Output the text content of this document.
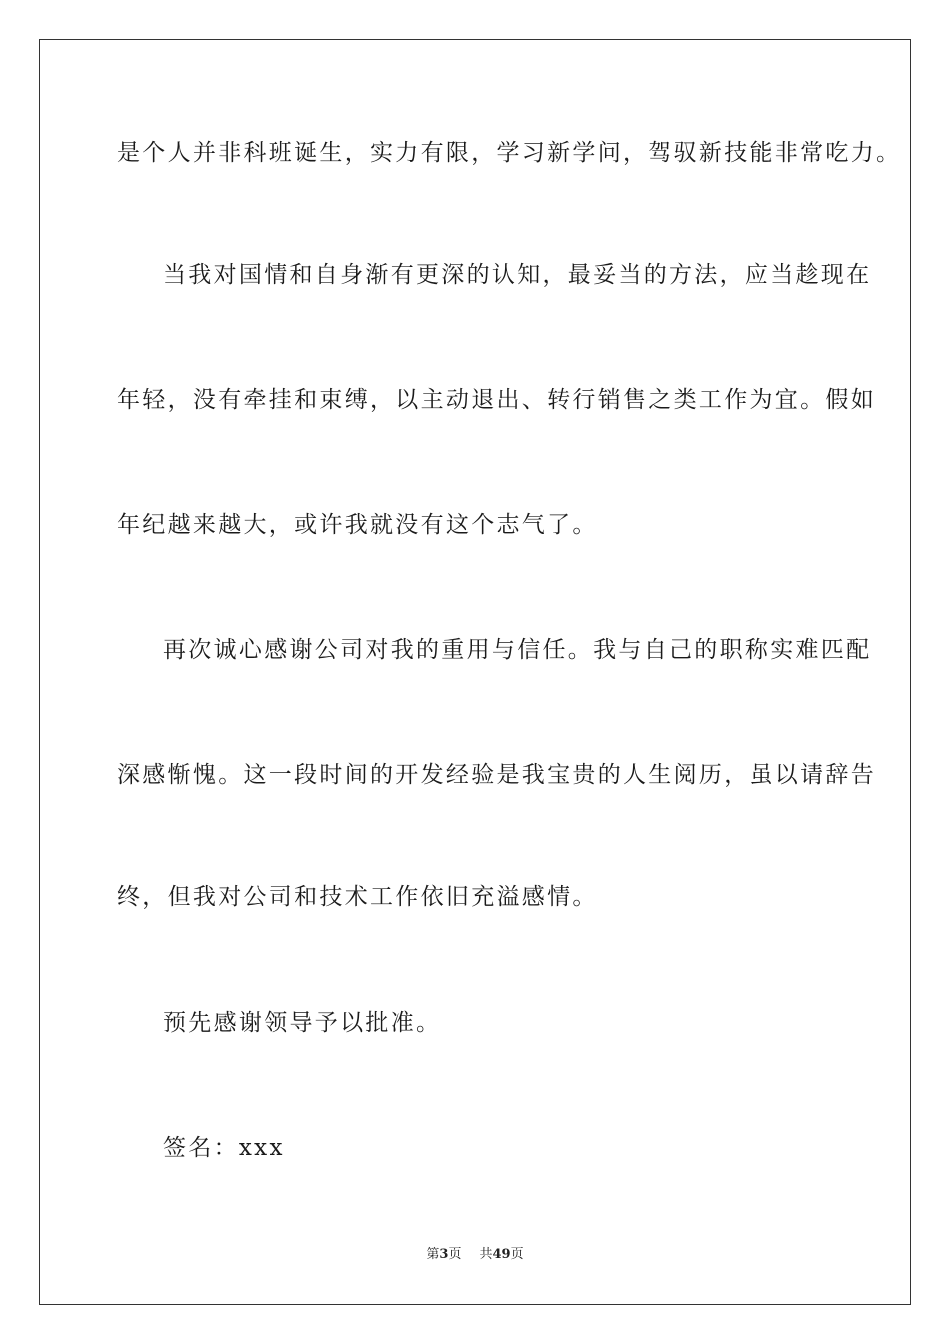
是个人并非科班诞生，实力有限，学习新学问，驾驭新技能非常吃力。
当我对国情和自身渐有更深的认知，最妥当的方法，应当趁现在
年轻，没有牵挂和束缚，以主动退出、转行销售之类工作为宜。假如
年纪越来越大，或许我就没有这个志气了。
再次诚心感谢公司对我的重用与信任。我与自己的职称实难匹配
深感惭愧。这一段时间的开发经验是我宝贵的人生阅历，虽以请辞告
终，但我对公司和技术工作依旧充溢感情。
预先感谢领导予以批准。
签名：xxx
第3页 共49页
